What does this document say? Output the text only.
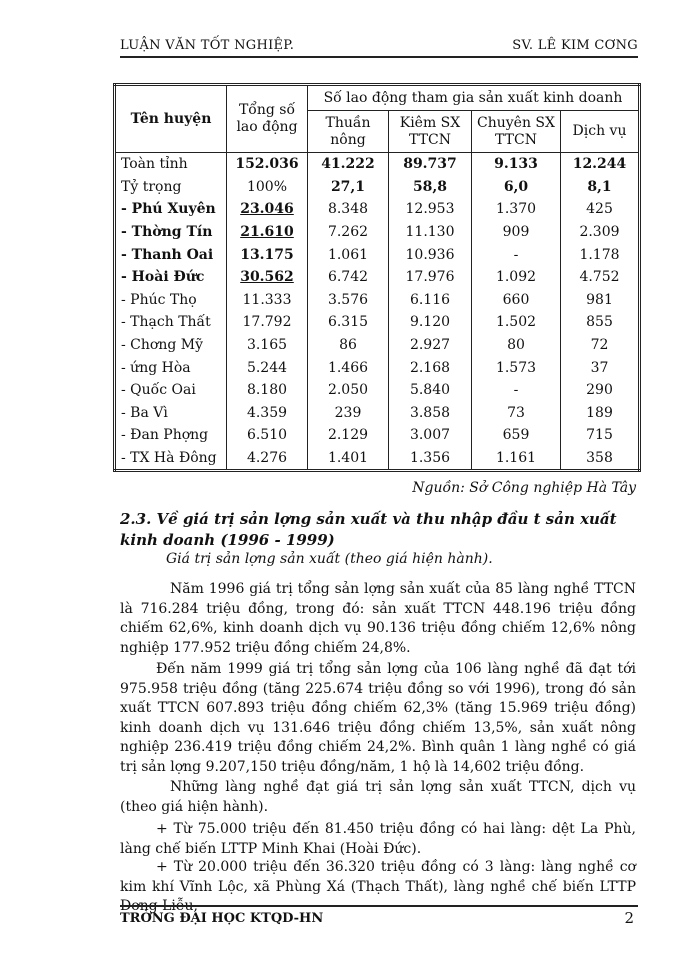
LUẬN VĂN TỐT NGHIỆP.	SV. LÊ KIM CƠNG
Tên huyện	Tổng số lao động	Số lao động tham gia sản xuất kinh doanh			
		Thuần nông	Kiêm SX TTCN	Chuyên SX TTCN	Dịch vụ
Toàn tỉnh	152.036	41.222	89.737	9.133	12.244
Tỷ trọng	100%	27,1	58,8	6,0	8,1
- Phú Xuyên	23.046	8.348	12.953	1.370	425
- Thờng Tín	21.610	7.262	11.130	909	2.309
- Thanh Oai	13.175	1.061	10.936	-	1.178
- Hoài Đức	30.562	6.742	17.976	1.092	4.752
- Phúc Thọ	11.333	3.576	6.116	660	981
- Thạch Thất	17.792	6.315	9.120	1.502	855
- Chơng Mỹ	3.165	86	2.927	80	72
- ứng Hòa	5.244	1.466	2.168	1.573	37
- Quốc Oai	8.180	2.050	5.840	-	290
- Ba Vì	4.359	239	3.858	73	189
- Đan Phợng	6.510	2.129	3.007	659	715
- TX Hà Đông	4.276	1.401	1.356	1.161	358
Nguồn: Sở Công nghiệp Hà Tây
2.3. Về giá trị sản lợng sản xuất và thu nhập đầu t sản xuất kinh doanh (1996 - 1999)
Giá trị sản lợng sản xuất (theo giá hiện hành).
Năm 1996 giá trị tổng sản lợng sản xuất của 85 làng nghề TTCN là 716.284 triệu đồng, trong đó: sản xuất TTCN 448.196 triệu đồng chiếm 62,6%, kinh doanh dịch vụ 90.136 triệu đồng chiếm 12,6% nông nghiệp 177.952 triệu đồng chiếm 24,8%.
Đến năm 1999 giá trị tổng sản lợng của 106 làng nghề đã đạt tới 975.958 triệu đồng (tăng 225.674 triệu đồng so với 1996), trong đó sản xuất TTCN 607.893 triệu đồng chiếm 62,3% (tăng 15.969 triệu đồng) kinh doanh dịch vụ 131.646 triệu đồng chiếm 13,5%, sản xuất nông nghiệp 236.419 triệu đồng chiếm 24,2%. Bình quân 1 làng nghề có giá trị sản lợng 9.207,150 triệu đồng/năm, 1 hộ là 14,602 triệu đồng.
Những làng nghề đạt giá trị sản lợng sản xuất TTCN, dịch vụ (theo giá hiện hành).
+ Từ 75.000 triệu đến 81.450 triệu đồng có hai làng: dệt La Phù, làng chế biến LTTP Minh Khai (Hoài Đức).
+ Từ 20.000 triệu đến 36.320 triệu đồng có 3 làng: làng nghề cơ kim khí Vĩnh Lộc, xã Phùng Xá (Thạch Thất), làng nghề chế biến LTTP Dơng Liễu,
TRỜNG ĐẠI HỌC KTQD-HN	2
